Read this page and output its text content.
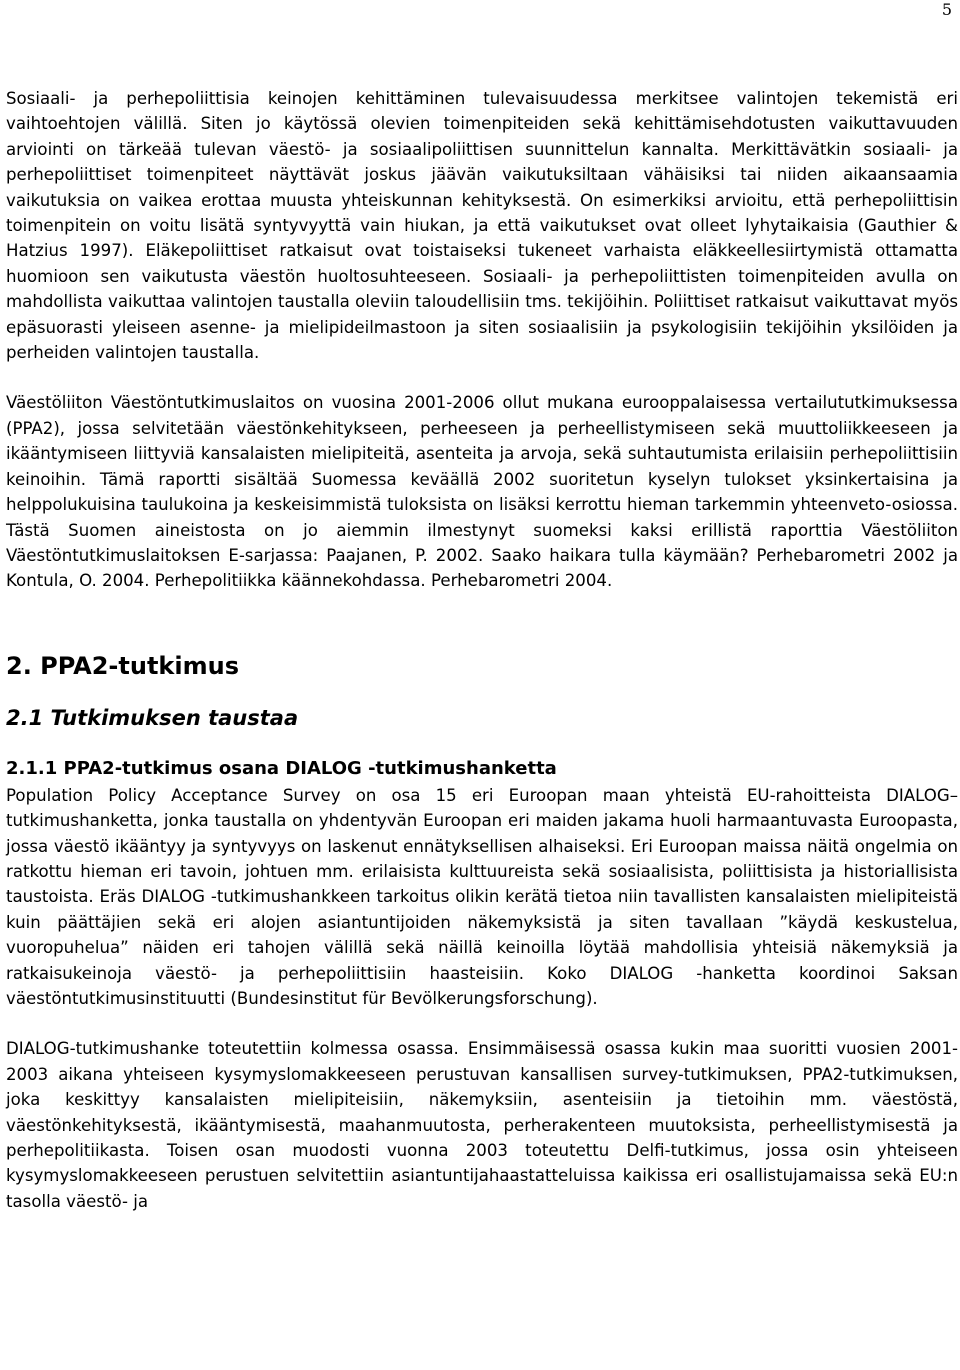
5

Sosiaali- ja perhepoliittisia keinojen kehittäminen tulevaisuudessa merkitsee valintojen tekemistä eri vaihtoehtojen välillä. Siten jo käytössä olevien toimenpiteiden sekä kehittämisehdotusten vaikuttavuuden arviointi on tärkeää tulevan väestö- ja sosiaalipoliittisen suunnittelun kannalta. Merkittävätkin sosiaali- ja perhepoliittiset toimenpiteet näyttävät joskus jäävän vaikutuksiltaan vähäisiksi tai niiden aikaansaamia vaikutuksia on vaikea erottaa muusta yhteiskunnan kehityksestä. On esimerkiksi arvioitu, että perhepoliittisin toimenpitein on voitu lisätä syntyvyyttä vain hiukan, ja että vaikutukset ovat olleet lyhytaikaisia (Gauthier & Hatzius 1997). Eläkepoliittiset ratkaisut ovat toistaiseksi tukeneet varhaista eläkkeellesiirtymistä ottamatta huomioon sen vaikutusta väestön huoltosuhteeseen. Sosiaali- ja perhepoliittisten toimenpiteiden avulla on mahdollista vaikuttaa valintojen taustalla oleviin taloudellisiin tms. tekijöihin. Poliittiset ratkaisut vaikuttavat myös epäsuorasti yleiseen asenne- ja mielipideilmastoon ja siten sosiaalisiin ja psykologisiin tekijöihin yksilöiden ja perheiden valintojen taustalla.

Väestöliiton Väestöntutkimuslaitos on vuosina 2001-2006 ollut mukana eurooppalaisessa vertailututkimuksessa (PPA2), jossa selvitetään väestönkehitykseen, perheeseen ja perheellistymiseen sekä muuttoliikkeeseen ja ikääntymiseen liittyviä kansalaisten mielipiteitä, asenteita ja arvoja, sekä suhtautumista erilaisiin perhepoliittisiin keinoihin. Tämä raportti sisältää Suomessa keväällä 2002 suoritetun kyselyn tulokset yksinkertaisina ja helppolukuisina taulukoina ja keskeisimmistä tuloksista on lisäksi kerrottu hieman tarkemmin yhteenveto-osiossa. Tästä Suomen aineistosta on jo aiemmin ilmestynyt suomeksi kaksi erillistä raporttia Väestöliiton Väestöntutkimuslaitoksen E-sarjassa: Paajanen, P. 2002. Saako haikara tulla käymään? Perhebarometri 2002 ja Kontula, O. 2004. Perhepolitiikka käännekohdassa. Perhebarometri 2004.

2. PPA2-tutkimus
2.1 Tutkimuksen taustaa
2.1.1 PPA2-tutkimus osana DIALOG -tutkimushanketta

Population Policy Acceptance Survey on osa 15 eri Euroopan maan yhteistä EU-rahoitteista DIALOG–tutkimushanketta, jonka taustalla on yhdentyvän Euroopan eri maiden jakama huoli harmaantuvasta Euroopasta, jossa väestö ikääntyy ja syntyvyys on laskenut ennätyksellisen alhaiseksi. Eri Euroopan maissa näitä ongelmia on ratkottu hieman eri tavoin, johtuen mm. erilaisista kulttuureista sekä sosiaalisista, poliittisista ja historiallisista taustoista. Eräs DIALOG -tutkimushankkeen tarkoitus olikin kerätä tietoa niin tavallisten kansalaisten mielipiteistä kuin päättäjien sekä eri alojen asiantuntijoiden näkemyksistä ja siten tavallaan ”käydä keskustelua, vuoropuhelua” näiden eri tahojen välillä sekä näillä keinoilla löytää mahdollisia yhteisiä näkemyksiä ja ratkaisukeinoja väestö- ja perhepoliittisiin haasteisiin. Koko DIALOG -hanketta koordinoi Saksan väestöntutkimusinstituutti (Bundesinstitut für Bevölkerungsforschung).

DIALOG-tutkimushanke toteutettiin kolmessa osassa. Ensimmäisessä osassa kukin maa suoritti vuosien 2001-2003 aikana yhteiseen kysymyslomakkeeseen perustuvan kansallisen survey-tutkimuksen, PPA2-tutkimuksen, joka keskittyy kansalaisten mielipiteisiin, näkemyksiin, asenteisiin ja tietoihin mm. väestöstä, väestönkehityksestä, ikääntymisestä, maahanmuutosta, perherakenteen muutoksista, perheellistymisestä ja perhepolitiikasta. Toisen osan muodosti vuonna 2003 toteutettu Delfi-tutkimus, jossa osin yhteiseen kysymyslomakkeeseen perustuen selvitettiin asiantuntijahaastatteluissa kaikissa eri osallistujamaissa sekä EU:n tasolla väestö- ja
